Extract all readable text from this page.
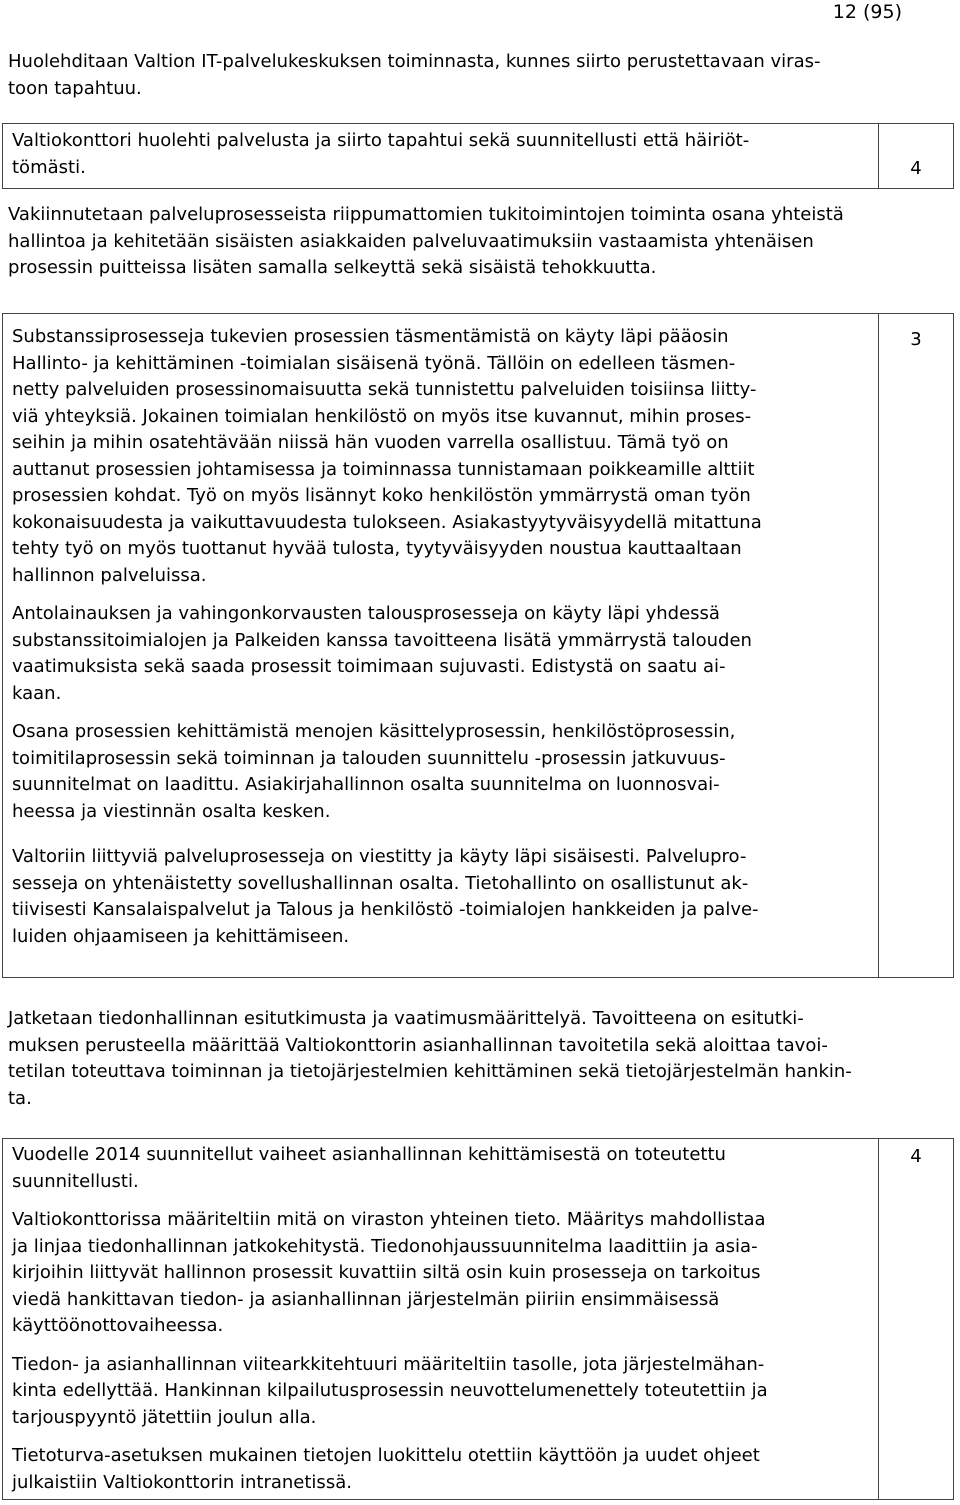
12 (95)

Huolehditaan Valtion IT-palvelukeskuksen toiminnasta, kunnes siirto perustettavaan viras-

toon tapahtuu.

Valtiokonttori huolehti palvelusta ja siirto tapahtui sekä suunnitellusti että häiriöt-

tömästi.	4

Vakiinnutetaan palveluprosesseista riippumattomien tukitoimintojen toiminta osana yhteistä

hallintoa ja kehitetään sisäisten asiakkaiden palveluvaatimuksiin vastaamista yhtenäisen

prosessin puitteissa lisäten samalla selkeyttä sekä sisäistä tehokkuutta.

Substanssiprosesseja tukevien prosessien täsmentämistä on käyty läpi pääosin

Hallinto- ja kehittäminen -toimialan sisäisenä työnä. Tällöin on edelleen täsmen-

netty palveluiden prosessinomaisuutta sekä tunnistettu palveluiden toisiinsa liitty-

viä yhteyksiä. Jokainen toimialan henkilöstö on myös itse kuvannut, mihin proses-

seihin ja mihin osatehtävään niissä hän vuoden varrella osallistuu. Tämä työ on

auttanut prosessien johtamisessa ja toiminnassa tunnistamaan poikkeamille alttiit

prosessien kohdat. Työ on myös lisännyt koko henkilöstön ymmärrystä oman työn

kokonaisuudesta ja vaikuttavuudesta tulokseen. Asiakastyytyväisyydellä mitattuna

tehty työ on myös tuottanut hyvää tulosta, tyytyväisyyden noustua kauttaaltaan

hallinnon palveluissa.

Antolainauksen ja vahingonkorvausten talousprosesseja on käyty läpi yhdessä

substanssitoimialojen ja Palkeiden kanssa tavoitteena lisätä ymmärrystä talouden

vaatimuksista sekä saada prosessit toimimaan sujuvasti. Edistystä on saatu ai-

kaan.

Osana prosessien kehittämistä menojen käsittelyprosessin, henkilöstöprosessin,

toimitilaprosessin sekä toiminnan ja talouden suunnittelu -prosessin jatkuvuus-

suunnitelmat on laadittu. Asiakirjahallinnon osalta suunnitelma on luonnosvai-

heessa ja viestinnän osalta kesken.

Valtoriin liittyviä palveluprosesseja on viestitty ja käyty läpi sisäisesti. Palvelupro-

sesseja on yhtenäistetty sovellushallinnan osalta. Tietohallinto on osallistunut ak-

tiivisesti Kansalaispalvelut ja Talous ja henkilöstö -toimialojen hankkeiden ja palve-

luiden ohjaamiseen ja kehittämiseen.

3

Jatketaan tiedonhallinnan esitutkimusta ja vaatimusmäärittelyä. Tavoitteena on esitutki-

muksen perusteella määrittää Valtiokonttorin asianhallinnan tavoitetila sekä aloittaa tavoi-

tetilan toteuttava toiminnan ja tietojärjestelmien kehittäminen sekä tietojärjestelmän hankin-

ta.

Vuodelle 2014 suunnitellut vaiheet asianhallinnan kehittämisestä on toteutettu

suunnitellusti.

Valtiokonttorissa määriteltiin mitä on viraston yhteinen tieto. Määritys mahdollistaa

ja linjaa tiedonhallinnan jatkokehitystä. Tiedonohjaussuunnitelma laadittiin ja asia-

kirjoihin liittyvät hallinnon prosessit kuvattiin siltä osin kuin prosesseja on tarkoitus

viedä hankittavan tiedon- ja asianhallinnan järjestelmän piiriin ensimmäisessä

käyttöönottovaiheessa.

Tiedon- ja asianhallinnan viitearkkitehtuuri määriteltiin tasolle, jota järjestelmähan-

kinta edellyttää. Hankinnan kilpailutusprosessin neuvottelumenettely toteutettiin ja

tarjouspyyntö jätettiin joulun alla.

Tietoturva-asetuksen mukainen tietojen luokittelu otettiin käyttöön ja uudet ohjeet

julkaistiin Valtiokonttorin intranetissä.

4
